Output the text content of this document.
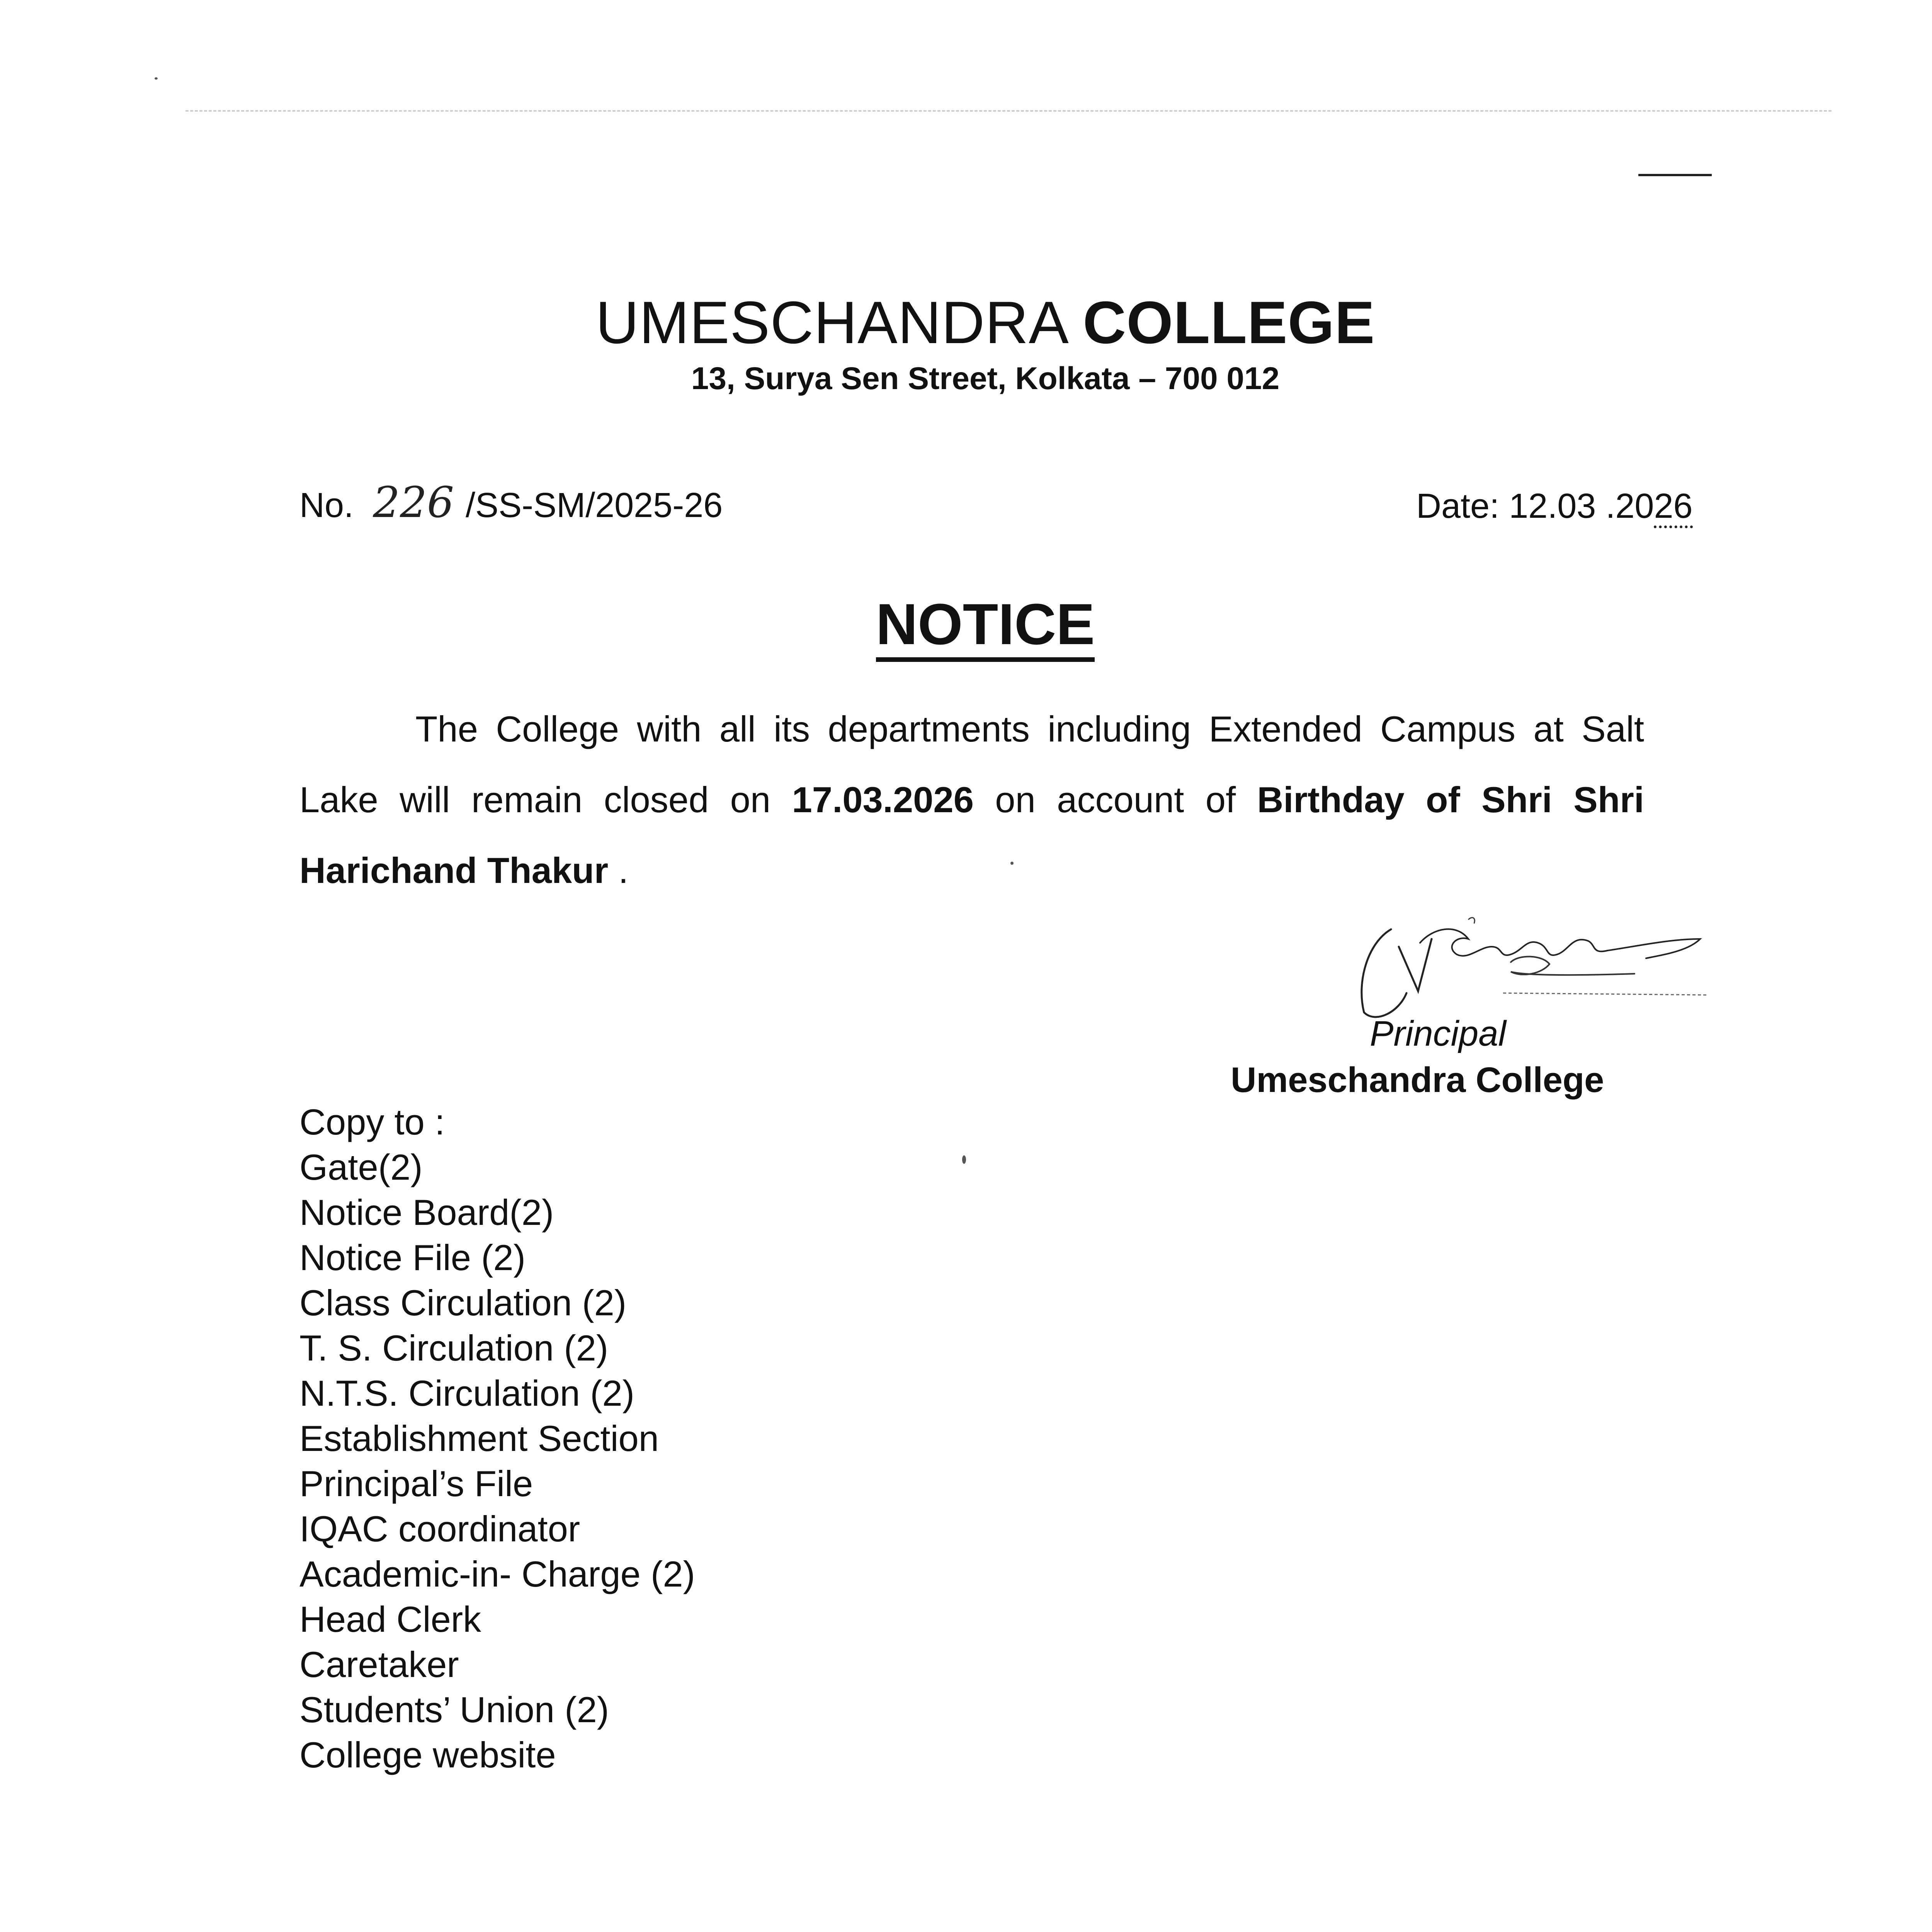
UMESCHANDRA COLLEGE
13, Surya Sen Street, Kolkata – 700 012
No. 226 /SS-SM/2025-26	Date: 12.03 .2026
NOTICE
The College with all its departments including Extended Campus at Salt Lake will remain closed on 17.03.2026 on account of Birthday of Shri Shri Harichand Thakur .
Principal
Umeschandra College
Copy to :
Gate(2)
Notice Board(2)
Notice File (2)
Class Circulation (2)
T. S. Circulation (2)
N.T.S. Circulation (2)
Establishment Section
Principal’s File
IQAC coordinator
Academic-in- Charge (2)
Head Clerk
Caretaker
Students’ Union (2)
College website
